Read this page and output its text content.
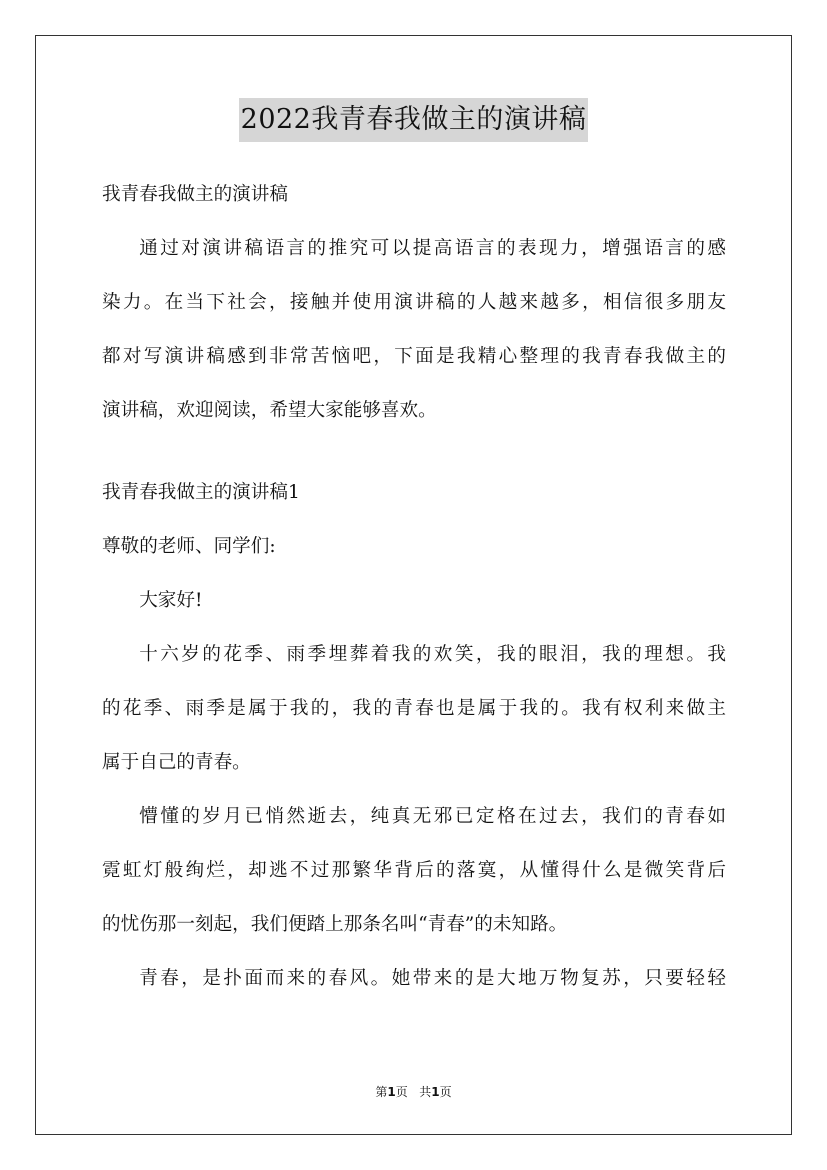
2022我青春我做主的演讲稿
我青春我做主的演讲稿
通过对演讲稿语言的推究可以提高语言的表现力，增强语言的感
染力。在当下社会，接触并使用演讲稿的人越来越多，相信很多朋友
都对写演讲稿感到非常苦恼吧，下面是我精心整理的我青春我做主的
演讲稿，欢迎阅读，希望大家能够喜欢。
我青春我做主的演讲稿1
尊敬的老师、同学们:
大家好!
十六岁的花季、雨季埋葬着我的欢笑，我的眼泪，我的理想。我
的花季、雨季是属于我的，我的青春也是属于我的。我有权利来做主
属于自己的青春。
懵懂的岁月已悄然逝去，纯真无邪已定格在过去，我们的青春如
霓虹灯般绚烂，却逃不过那繁华背后的落寞，从懂得什么是微笑背后
的忧伤那一刻起，我们便踏上那条名叫“青春”的未知路。
青春，是扑面而来的春风。她带来的是大地万物复苏，只要轻轻
第1页 共1页
